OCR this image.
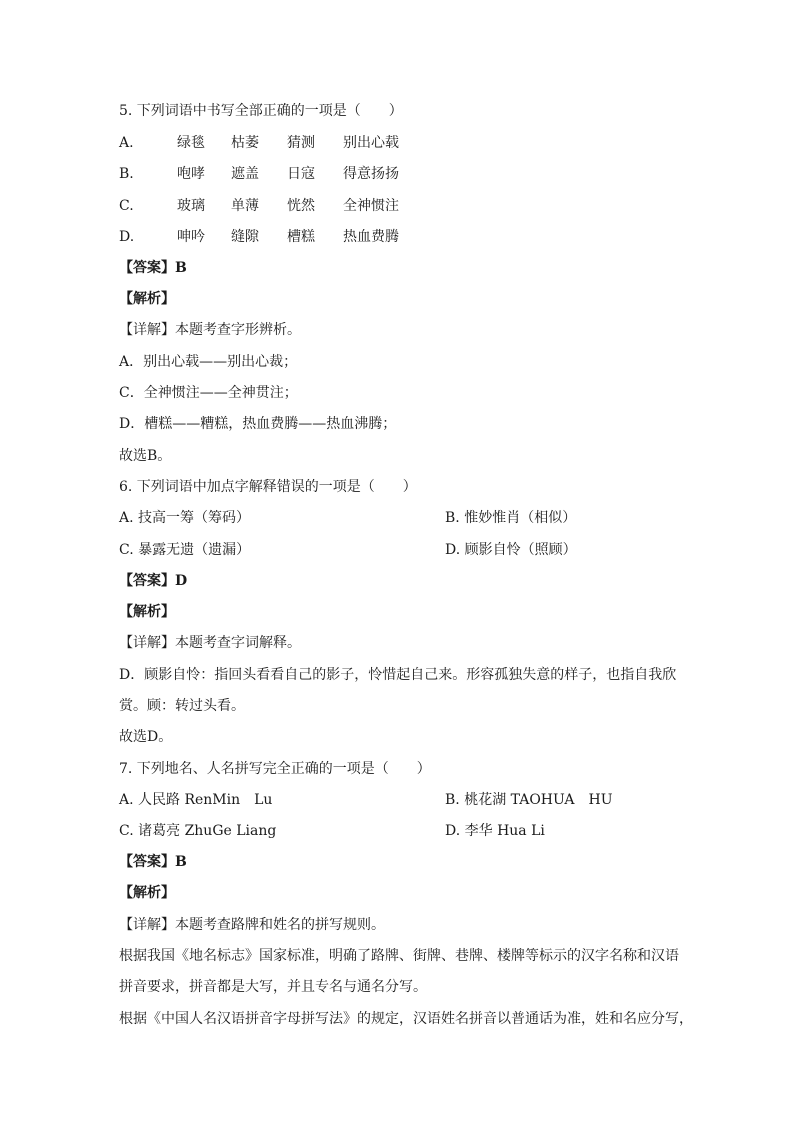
5. 下列词语中书写全部正确的一项是（　　）
A.	绿毯 枯萎 猜测 别出心载
B.	咆哮 遮盖 日寇 得意扬扬
C.	玻璃 单薄 恍然 全神惯注
D.	呻吟 缝隙 槽糕 热血费腾
【答案】B
【解析】
【详解】本题考查字形辨析。
A．别出心载——别出心裁；
C．全神惯注——全神贯注；
D．槽糕——糟糕，热血费腾——热血沸腾；
故选B。
6. 下列词语中加点字解释错误的一项是（　　）
A. 技高一筹（筹码）	B. 惟妙惟肖（相似）
C. 暴露无遗（遗漏）	D. 顾影自怜（照顾）
【答案】D
【解析】
【详解】本题考查字词解释。
D．顾影自怜：指回头看看自己的影子，怜惜起自己来。形容孤独失意的样子，也指自我欣
赏。顾：转过头看。
故选D。
7. 下列地名、人名拼写完全正确的一项是（　　）
A. 人民路 RenMin　Lu	B. 桃花湖 TAOHUA　HU
C. 诸葛亮 ZhuGe Liang	D. 李华 Hua Li
【答案】B
【解析】
【详解】本题考查路牌和姓名的拼写规则。
根据我国《地名标志》国家标准，明确了路牌、街牌、巷牌、楼牌等标示的汉字名称和汉语
拼音要求，拼音都是大写，并且专名与通名分写。
根据《中国人名汉语拼音字母拼写法》的规定，汉语姓名拼音以普通话为准，姓和名应分写，
